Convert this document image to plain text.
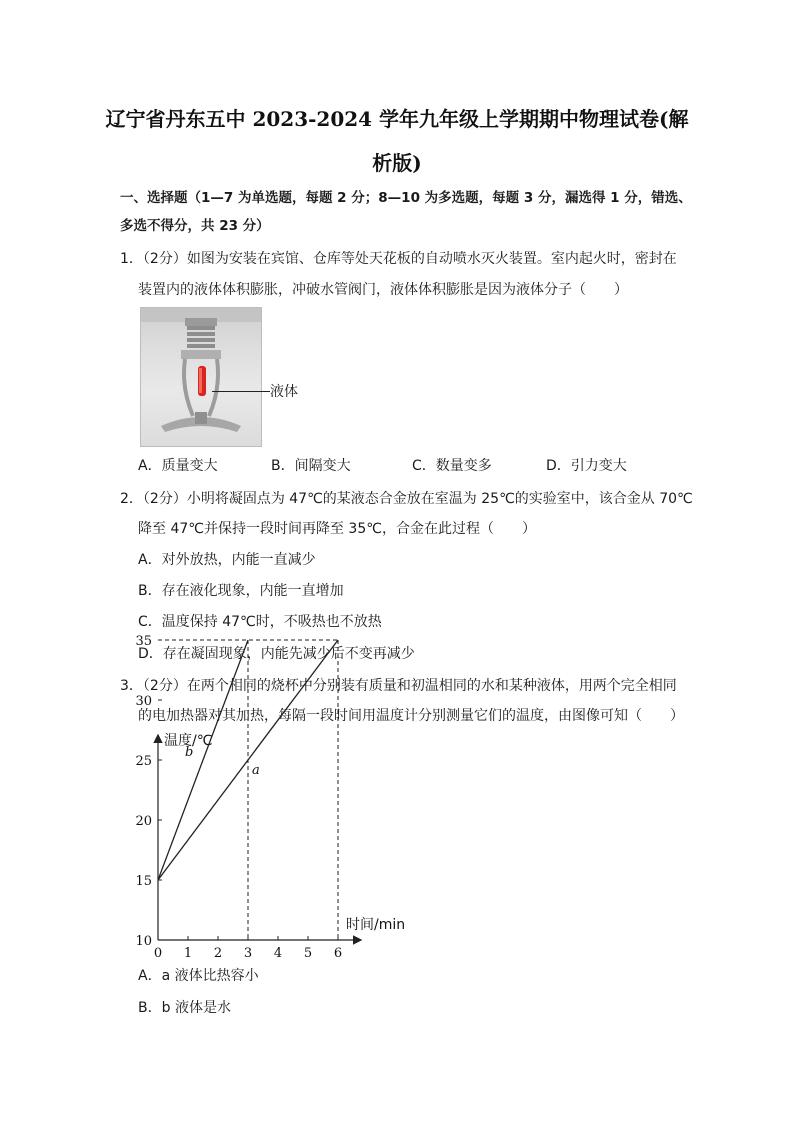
辽宁省丹东五中 2023-2024 学年九年级上学期期中物理试卷(解
析版)
一、选择题（1—7 为单选题，每题 2 分；8—10 为多选题，每题 3 分，漏选得 1 分，错选、
多选不得分，共 23 分）
1．（2分）如图为安装在宾馆、仓库等处天花板的自动喷水灭火装置。室内起火时，密封在
装置内的液体体积膨胀，冲破水管阀门，液体体积膨胀是因为液体分子（　　）
液体
A．质量变大	B．间隔变大	C．数量变多	D．引力变大
2．（2分）小明将凝固点为 47℃的某液态合金放在室温为 25℃的实验室中，该合金从 70℃
降至 47℃并保持一段时间再降至 35℃，合金在此过程（　　）
A．对外放热，内能一直减少
B．存在液化现象，内能一直增加
C．温度保持 47℃时，不吸热也不放热
D．存在凝固现象，内能先减少后不变再减少
3．（2分）在两个相同的烧杯中分别装有质量和初温相同的水和某种液体，用两个完全相同
的电加热器对其加热，每隔一段时间用温度计分别测量它们的温度，由图像可知（　　）
温度/℃
时间/min
0 1 2 3 4 5 6
10
15
20
25
30
35
a
b
A．a 液体比热容小
B．b 液体是水
